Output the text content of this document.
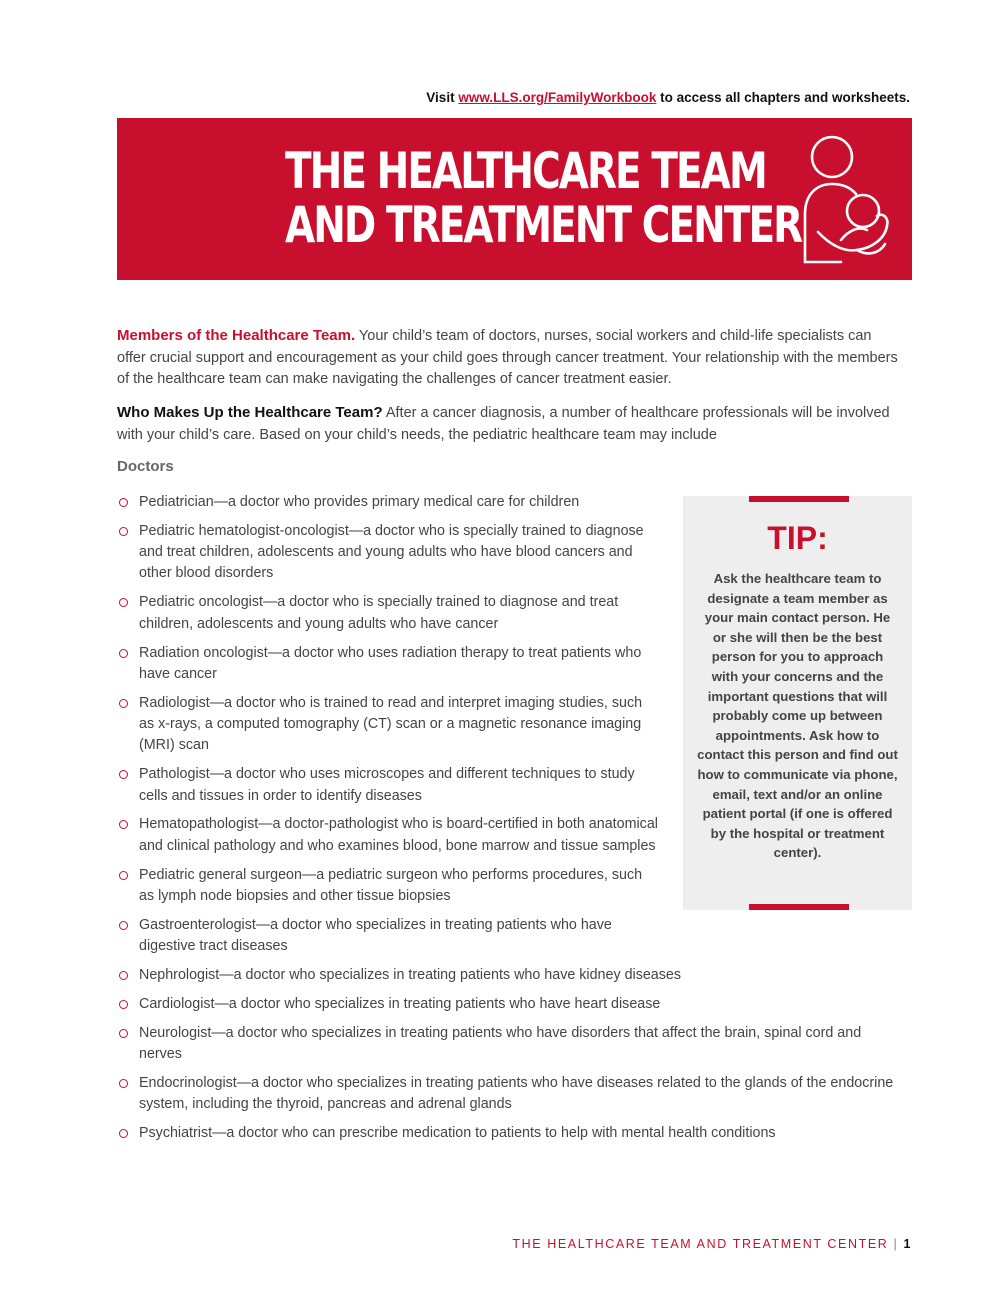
Visit www.LLS.org/FamilyWorkbook to access all chapters and worksheets.
THE HEALTHCARE TEAM
AND TREATMENT CENTER

Members of the Healthcare Team. Your child’s team of doctors, nurses, social workers and child-life specialists can offer crucial support and encouragement as your child goes through cancer treatment. Your relationship with the members of the healthcare team can make navigating the challenges of cancer treatment easier.

Who Makes Up the Healthcare Team? After a cancer diagnosis, a number of healthcare professionals will be involved with your child’s care. Based on your child’s needs, the pediatric healthcare team may include

Doctors
Pediatrician—a doctor who provides primary medical care for children
Pediatric hematologist-oncologist—a doctor who is specially trained to diagnose and treat children, adolescents and young adults who have blood cancers and other blood disorders
Pediatric oncologist—a doctor who is specially trained to diagnose and treat children, adolescents and young adults who have cancer
Radiation oncologist—a doctor who uses radiation therapy to treat patients who have cancer
Radiologist—a doctor who is trained to read and interpret imaging studies, such as x-rays, a computed tomography (CT) scan or a magnetic resonance imaging (MRI) scan
Pathologist—a doctor who uses microscopes and different techniques to study cells and tissues in order to identify diseases
Hematopathologist—a doctor-pathologist who is board-certified in both anatomical and clinical pathology and who examines blood, bone marrow and tissue samples
Pediatric general surgeon—a pediatric surgeon who performs procedures, such as lymph node biopsies and other tissue biopsies
Gastroenterologist—a doctor who specializes in treating patients who have digestive tract diseases
Nephrologist—a doctor who specializes in treating patients who have kidney diseases
Cardiologist—a doctor who specializes in treating patients who have heart disease
Neurologist—a doctor who specializes in treating patients who have disorders that affect the brain, spinal cord and nerves
Endocrinologist—a doctor who specializes in treating patients who have diseases related to the glands of the endocrine system, including the thyroid, pancreas and adrenal glands
Psychiatrist—a doctor who can prescribe medication to patients to help with mental health conditions
TIP:
Ask the healthcare team to designate a team member as your main contact person. He or she will then be the best person for you to approach with your concerns and the important questions that will probably come up between appointments. Ask how to contact this person and find out how to communicate via phone, email, text and/or an online patient portal (if one is offered by the hospital or treatment center).
THE HEALTHCARE TEAM AND TREATMENT CENTER | 1
